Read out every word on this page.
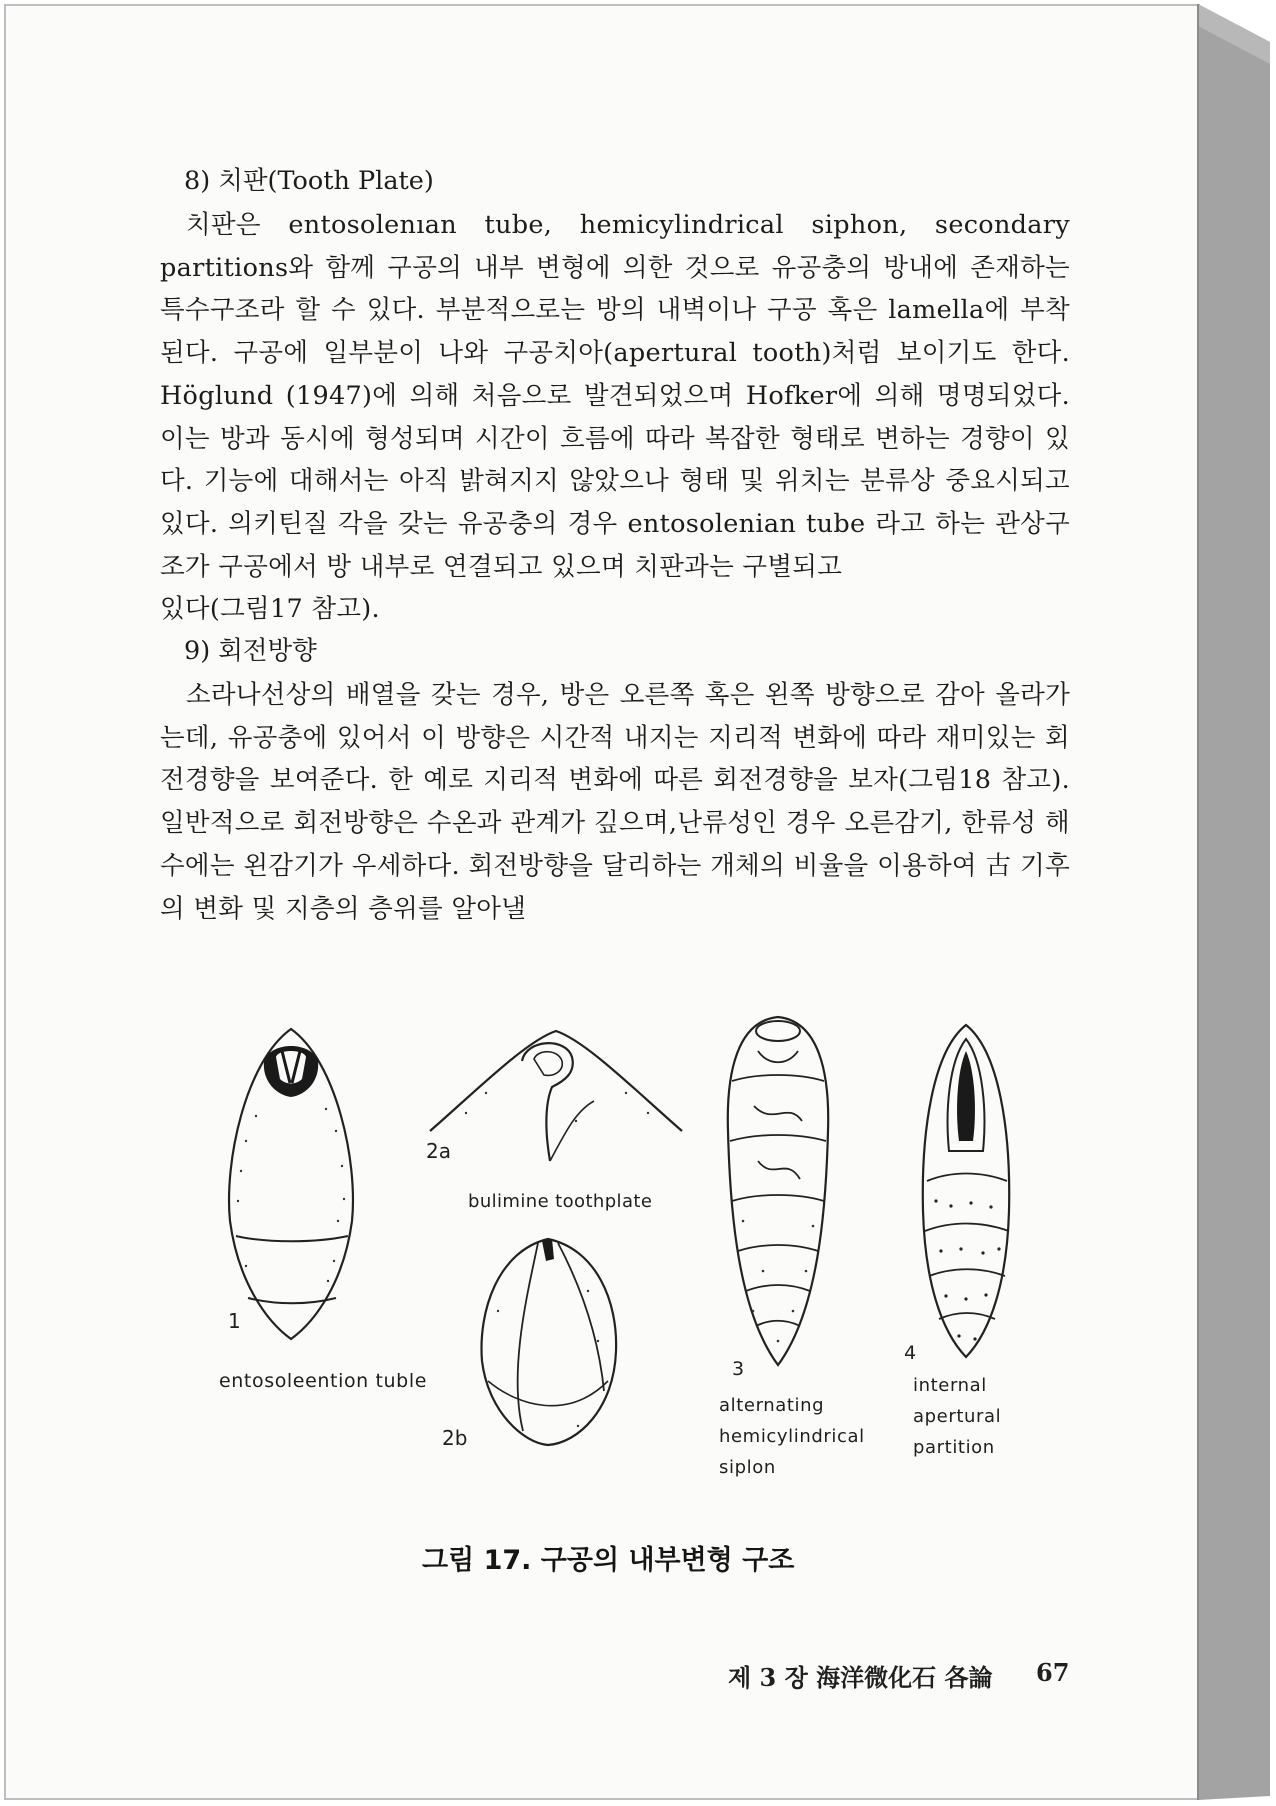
8) 치판(Tooth Plate)

치판은 entosolenıan tube, hemicylindrical siphon, secondary partitions와 함께 구공의 내부 변형에 의한 것으로 유공충의 방내에 존재하는 특수구조라 할 수 있다. 부분적으로는 방의 내벽이나 구공 혹은 lamella에 부착된다. 구공에 일부분이 나와 구공치아(apertural tooth)처럼 보이기도 한다. Höglund (1947)에 의해 처음으로 발견되었으며 Hofker에 의해 명명되었다. 이는 방과 동시에 형성되며 시간이 흐름에 따라 복잡한 형태로 변하는 경향이 있다. 기능에 대해서는 아직 밝혀지지 않았으나 형태 및 위치는 분류상 중요시되고 있다. 의키틴질 각을 갖는 유공충의 경우 entosolenian tube 라고 하는 관상구조가 구공에서 방 내부로 연결되고 있으며 치판과는 구별되고

있다(그림17 참고).

9) 회전방향

소라나선상의 배열을 갖는 경우, 방은 오른쪽 혹은 왼쪽 방향으로 감아 올라가는데, 유공충에 있어서 이 방향은 시간적 내지는 지리적 변화에 따라 재미있는 회전경향을 보여준다. 한 예로 지리적 변화에 따른 회전경향을 보자(그림18 참고). 일반적으로 회전방향은 수온과 관계가 깊으며,난류성인 경우 오른감기, 한류성 해수에는 왼감기가 우세하다. 회전방향을 달리하는 개체의 비율을 이용하여 古 기후의 변화 및 지층의 층위를 알아낼

1
entosoleention tuble
2a
bulimine toothplate
2b
3
alternating
hemicylindrical
siplon
4
internal
apertural
partition
그림 17. 구공의 내부변형 구조
제 3 장 海洋微化石 各論 67
